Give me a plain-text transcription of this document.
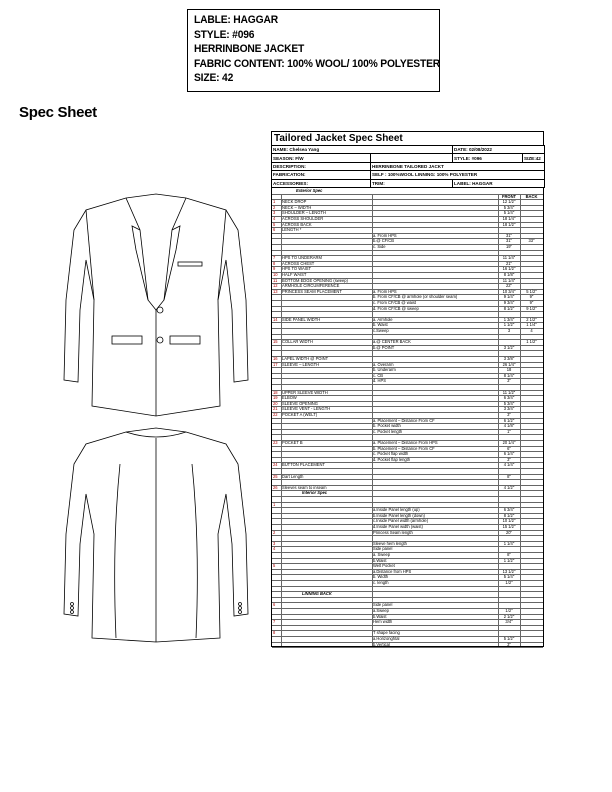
LABLE: HAGGAR
STYLE: #096
HERRINBONE JACKET
FABRIC CONTENT: 100% WOOL/ 100% POLYESTER
SIZE: 42
Spec Sheet
Tailored Jacket Spec Sheet
NAME: Chelsea Yang		DATE: 02/08/2022	
SEASON: F/W		STYLE: #096	SIZE:42
DESCRIPTION:	HERRINBONE TAILORED JACKT		
FABRICATION:	SELF : 100%WOOL LINNING: 100% POLYESTER		
ACCESSORIES:	TRIM:	LABEL: HAGGAR	
Exterior Spec
FRONT	BACK
1	NECK DROP	12 1/2"
2	NECK – WIDTH	5 3/4"
3	SHOULDER – LENGTH	5 1/4"
4	ACROSS SHOULDER	18 1/4"
5	ACROSS BACK	18 1/2"
6	LENGTH *
a. From HPS	31"
b.@ CF/CB	31"	33"
c. Side	19"
7	HPS TO UNDERARM	11 1/4"
8	ACROSS CHEST	21"
9	HPS TO WAIST	16 1/2"
10	HALF WAIST	8 1/8"
11	BOTTOM EDGE OPENING (sweep)	11 1/4"
12	ARMHOLE CIRCUMFERENCE	22"
13	PRINCESS SEAM PLACEMENT	a. From HPS	10 3/4"	5 1/2"
b. From CF/CB @ armhole (or shoulder seam)	9 1/4"	9"
c. From CF/CB @ waist	9 3/4"	9"
d. From CF/CB @ sweep	8 1/2"	9 1/2"
14	SIDE PANEL WIDTH	a. Armhole	1 3/4"	2 1/2"
b. Waist	1 1/2"	1 1/4"
c.Sweep	3	4
15	COLLAR WIDTH	a.@ CENTER BACK	1 1/2"
b.@ POINT	3 1/2"
16	LAPEL WIDTH @ POINT	3 3/8"
17	SLEEVE – LENGTH	a. Overarm	26 1/4"
b. Underarm	18
c. CB	8 1/4"
d. HPS	3"
18	UPPER SLEEVE WIDTH	11 1/2"
19	ELBOW	6 3/4"
20	SLEEVE OPENING	5 3/4"
21	SLEEVE VENT - LENGTH	3 3/4"
22	POCKET A (WELT)	3"
a. Placement – Distance From CF	6 1/2"
b. Pocket width	4 1/8"
c. Pocket length	1"
23	POCKET B	a. Placement – Distance From HPS	20 1/4"
b. Placement – Distance From CF	6"
c. Pocket flap width	6 1/4"
d. Pocket flap length	3"
24	BUTTON PLACEMENT	4 1/4"
25	Dart Length	8"
26	Sleeves seam to inseam	4 1/2"
Interior Spec
1
a.Inside Panel length (up)	6 3/4"
b.Inside Panel length (down)	8 1/2"
c.Inside Panel width (armhole)	10 1/2"
d.Inside Panel width (waist)	15 1/2"
2	Princess Seam length	20"
3	Sleeve hem length	1 1/4"
4	Side panel
a. Sweep	8"
b.Waist	1 1/2"
5	Welt Pocket
a.Distance from HPS	13 1/2"
b. Width	5 1/4"
c. length	1/2"
LINNING BACK
6	Side panel
a.Sweep	1/2"
b.Waist	2 1/2"
7	Hem width	3/4"
8	T shape facing
a.Horizonghtal	5 1/2"
b.Vertical	3"
